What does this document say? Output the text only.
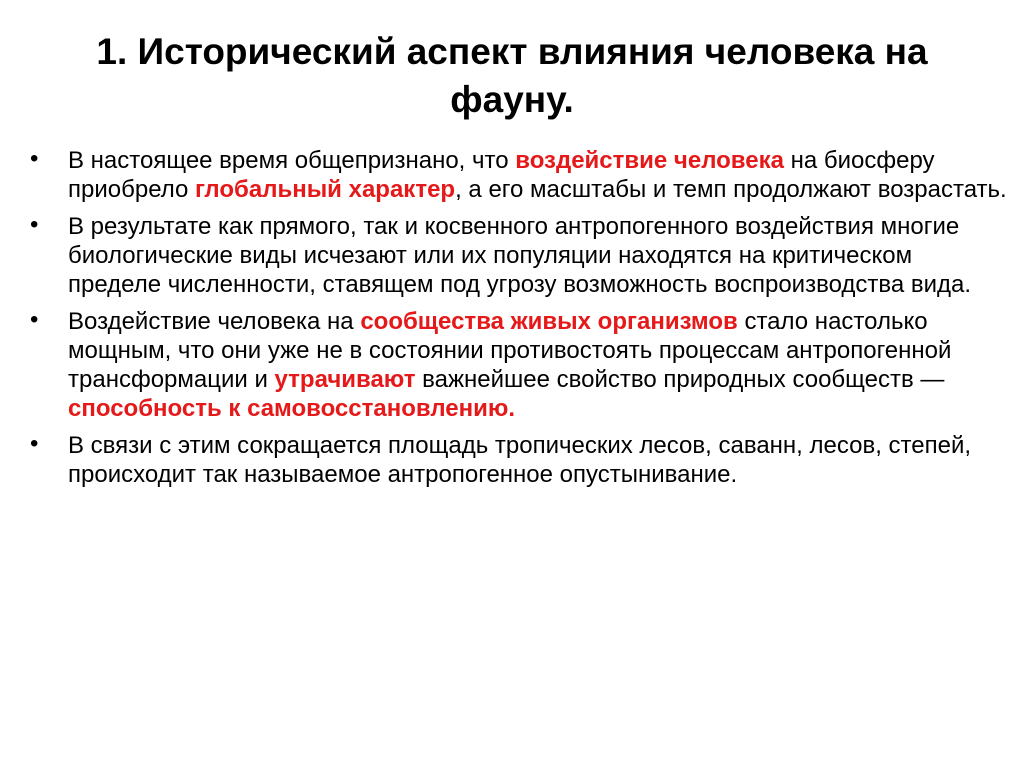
1. Исторический аспект влияния человека на фауну.
• В настоящее время общепризнано, что воздействие человека на биосферу приобрело глобальный характер, а его масштабы и темп продолжают возрастать.
• В результате как прямого, так и косвенного антропогенного воздействия многие биологические виды исчезают или их популяции находятся на критическом пределе численности, ставящем под угрозу возможность воспроизводства вида.
• Воздействие человека на сообщества живых организмов стало настолько мощным, что они уже не в состоянии противостоять процессам антропогенной трансформации и утрачивают важнейшее свойство природных сообществ — способность к самовосстановлению.
• В связи с этим сокращается площадь тропических лесов, саванн, лесов, степей, происходит так называемое антропогенное опустынивание.
